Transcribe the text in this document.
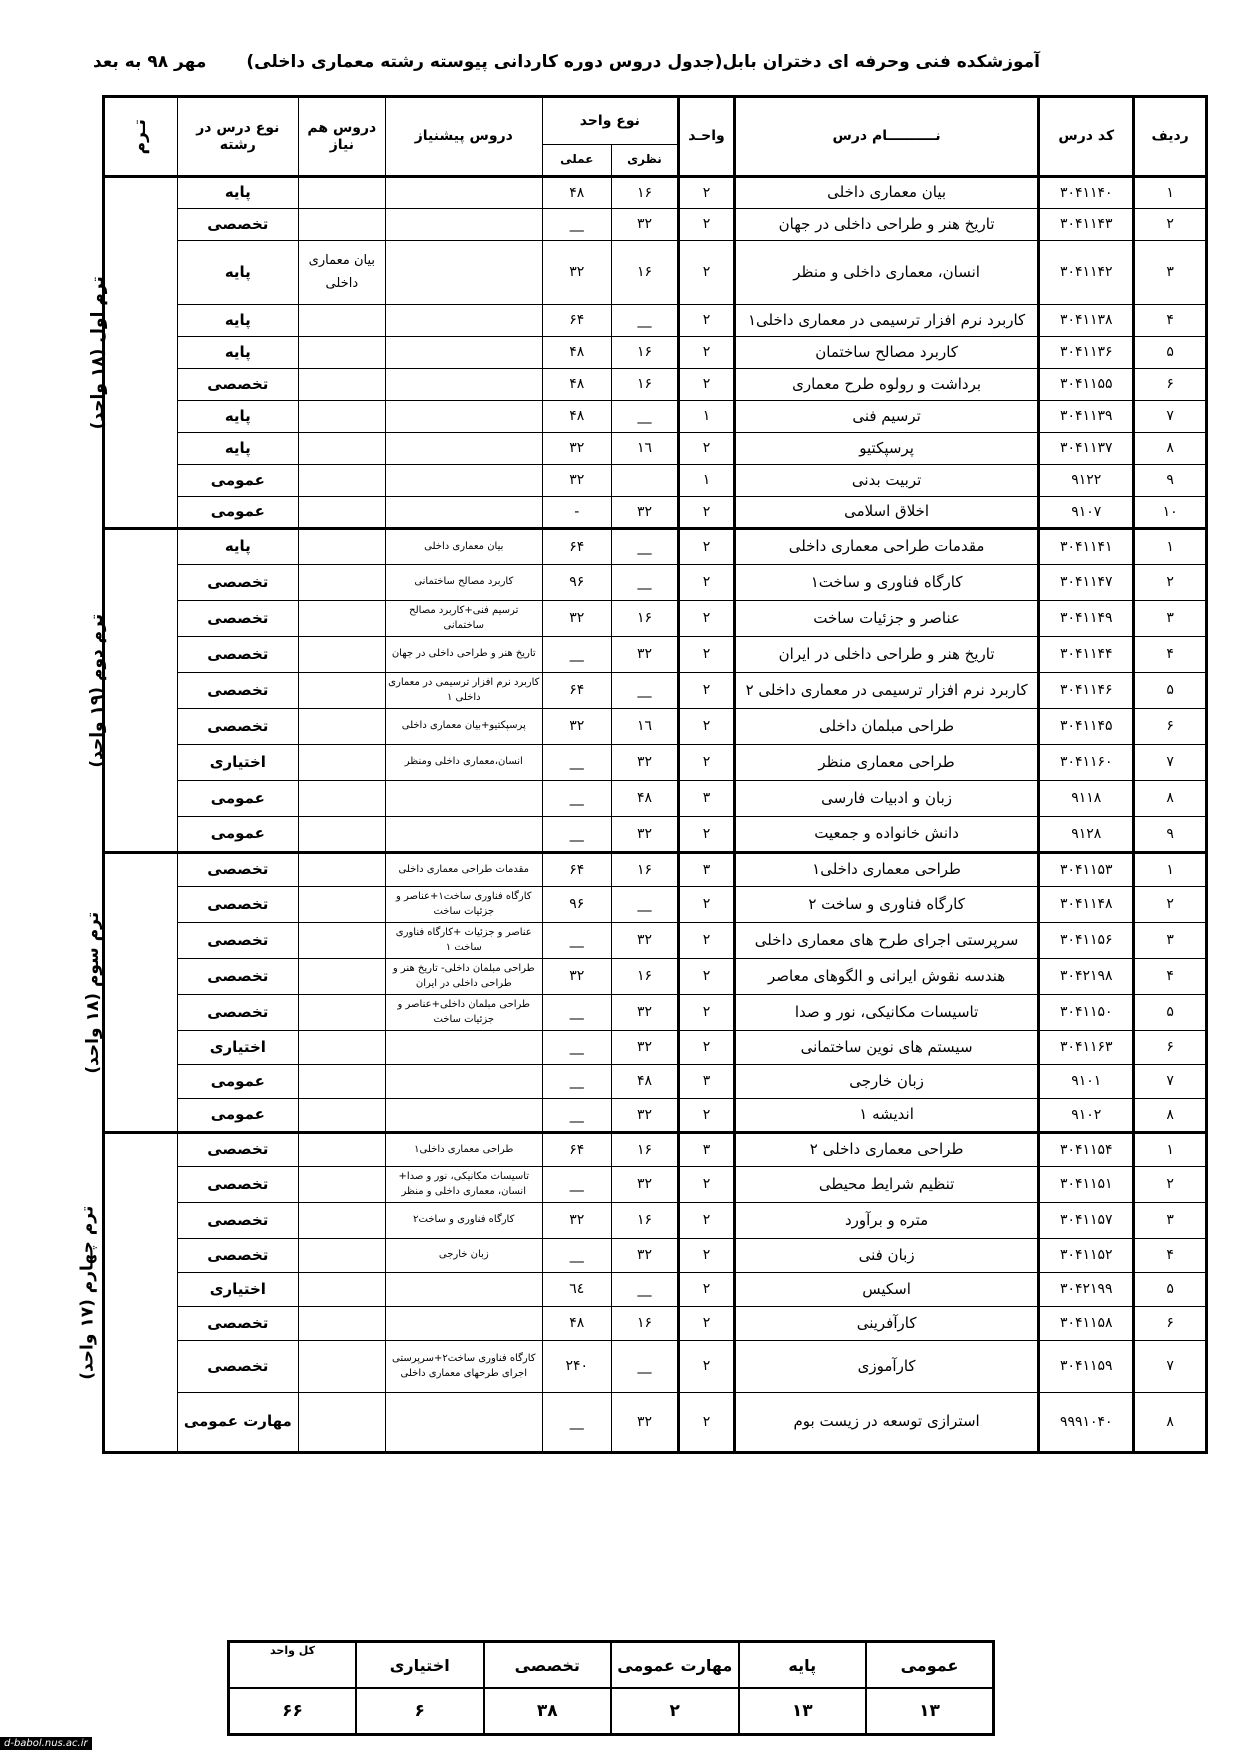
آموزشکده فنی وحرفه ای دختران بابل(جدول دروس دوره کاردانی پیوسته رشته معماری داخلی)مهر ۹۸ به بعد
ردیف	کد درس	نــــــــــام درس	واحـد	نوع واحد		دروس پیشنیاز	دروس هم نیاز	نوع درس در رشته	تـرم
				نظری	عملی				
۱	۳۰۴۱۱۴۰	بیان معماری داخلی	۲	۱۶	۴۸			پایه	ترم اول (۱۸ واحد)
۲	۳۰۴۱۱۴۳	تاریخ هنر و طراحی داخلی در جهان	۲	۳۲	__			تخصصی	
۳	۳۰۴۱۱۴۲	انسان، معماری داخلی و منظر	۲	۱۶	۳۲		بیان معماری داخلی	پایه	
۴	۳۰۴۱۱۳۸	کاربرد نرم افزار ترسیمی در معماری داخلی۱	۲	__	۶۴			پایه	
۵	۳۰۴۱۱۳۶	کاربرد مصالح ساختمان	۲	۱۶	۴۸			پایه	
۶	۳۰۴۱۱۵۵	برداشت و رولوه طرح معماری	۲	۱۶	۴۸			تخصصی	
۷	۳۰۴۱۱۳۹	ترسیم فنی	۱	__	۴۸			پایه	
۸	۳۰۴۱۱۳۷	پرسپکتیو	۲	١٦	۳۲			پایه	
۹	۹۱۲۲	تربیت بدنی	۱		۳۲			عمومی	
۱۰	۹۱۰۷	اخلاق اسلامی	۲	۳۲	-			عمومی	
۱	۳۰۴۱۱۴۱	مقدمات طراحی معماری داخلی	۲	__	۶۴	بیان معماری داخلی		پایه	ترم دوم (۱۹ واحد)
۲	۳۰۴۱۱۴۷	کارگاه فناوری و ساخت۱	۲	__	۹۶	کاربرد مصالح ساختمانی		تخصصی	
۳	۳۰۴۱۱۴۹	عناصر و جزئیات ساخت	۲	۱۶	۳۲	ترسیم فنی+کاربرد مصالح ساختمانی		تخصصی	
۴	۳۰۴۱۱۴۴	تاریخ هنر و طراحی داخلی در ایران	۲	۳۲	__	تاریخ هنر و طراحی داخلی در جهان		تخصصی	
۵	۳۰۴۱۱۴۶	کاربرد نرم افزار ترسیمی در معماری داخلی ۲	۲	__	۶۴	کاربرد نرم افزار ترسیمی در معماری داخلی ۱		تخصصی	
۶	۳۰۴۱۱۴۵	طراحی مبلمان داخلی	۲	١٦	۳۲	پرسپکتیو+بیان معماری داخلی		تخصصی	
۷	۳۰۴۱۱۶۰	طراحی معماری منظر	۲	۳۲	__	انسان،معماری داخلی ومنظر		اختیاری	
۸	۹۱۱۸	زبان و ادبیات فارسی	۳	۴۸	__			عمومی	
۹	۹۱۲۸	دانش خانواده و جمعیت	۲	۳۲	__			عمومی	
۱	۳۰۴۱۱۵۳	طراحی معماری داخلی۱	۳	۱۶	۶۴	مقدمات طراحی معماری داخلی		تخصصی	ترم سوم (۱۸ واحد)
۲	۳۰۴۱۱۴۸	کارگاه فناوری و ساخت ۲	۲	__	۹۶	کارگاه فناوری ساخت۱+عناصر و جزئیات ساخت		تخصصی	
۳	۳۰۴۱۱۵۶	سرپرستی اجرای طرح های معماری داخلی	۲	۳۲	__	عناصر و جزئیات +کارگاه فناوری ساخت ۱		تخصصی	
۴	۳۰۴۲۱۹۸	هندسه نقوش ایرانی و الگوهای معاصر	۲	۱۶	۳۲	طراحی مبلمان داخلی- تاریخ هنر و طراحی داخلی در ایران		تخصصی	
۵	۳۰۴۱۱۵۰	تاسیسات مکانیکی، نور و صدا	۲	۳۲	__	طراحی مبلمان داخلی+عناصر و جزئیات ساخت		تخصصی	
۶	۳۰۴۱۱۶۳	سیستم های نوین ساختمانی	۲	۳۲	__			اختیاری	
۷	۹۱۰۱	زبان خارجی	۳	۴۸	__			عمومی	
۸	۹۱۰۲	اندیشه ۱	۲	۳۲	__			عمومی	
۱	۳۰۴۱۱۵۴	طراحی معماری داخلی ۲	۳	۱۶	۶۴	طراحی معماری داخلی۱		تخصصی	ترم چهارم (۱۷ واحد)
۲	۳۰۴۱۱۵۱	تنظیم شرایط محیطی	۲	۳۲	__	تاسیسات مکانیکی، نور و صدا+ انسان، معماری داخلی و منظر		تخصصی	
۳	۳۰۴۱۱۵۷	متره و برآورد	۲	۱۶	۳۲	کارگاه فناوری و ساخت۲		تخصصی	
۴	۳۰۴۱۱۵۲	زبان فنی	۲	۳۲	__	زبان خارجی		تخصصی	
۵	۳۰۴۲۱۹۹	اسکیس	۲	__	٦٤			اختیاری	
۶	۳۰۴۱۱۵۸	کارآفرینی	۲	۱۶	۴۸			تخصصی	
۷	۳۰۴۱۱۵۹	کارآموزی	۲	__	۲۴۰	کارگاه فناوری ساخت۲+سرپرستی اجرای طرحهای معماری داخلی		تخصصی	
۸	۹۹۹۱۰۴۰	استرازی توسعه در زیست بوم	۲	۳۲	__			مهارت عمومی	
عمومی	پایه	مهارت عمومی	تخصصی	اختیاری	کل واحد
۱۳	۱۳	۲	۳۸	۶	۶۶
d-babol.nus.ac.ir
